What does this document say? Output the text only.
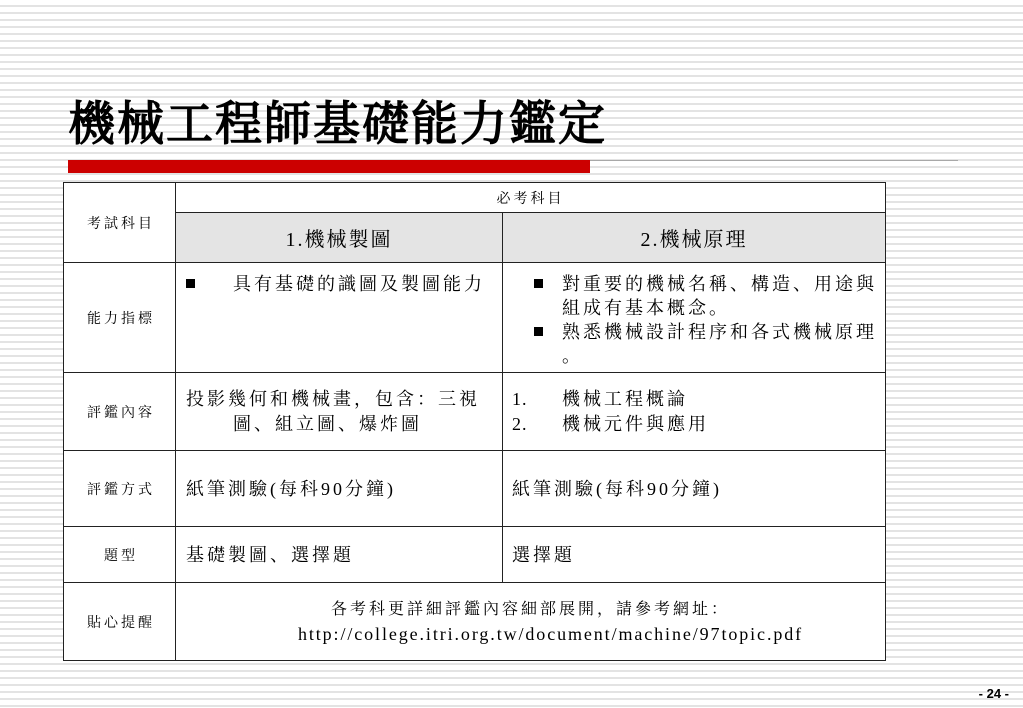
機械工程師基礎能力鑑定
考試科目	必考科目	
	1.機械製圖	2.機械原理
能力指標	具有基礎的識圖及製圖能力	對重要的機械名稱、構造、用途與組成有基本概念。
熟悉機械設計程序和各式機械原理。

評鑑內容	投影幾何和機械畫，包含：三視圖、組立圖、爆炸圖	1. 機械工程概論
2. 機械元件與應用

評鑑方式	紙筆測驗(每科90分鐘)	紙筆測驗(每科90分鐘)
題型	基礎製圖、選擇題	選擇題
貼心提醒	各考科更詳細評鑑內容細部展開，請參考網址：
http://college.itri.org.tw/document/machine/97topic.pdf	
- 24 -
